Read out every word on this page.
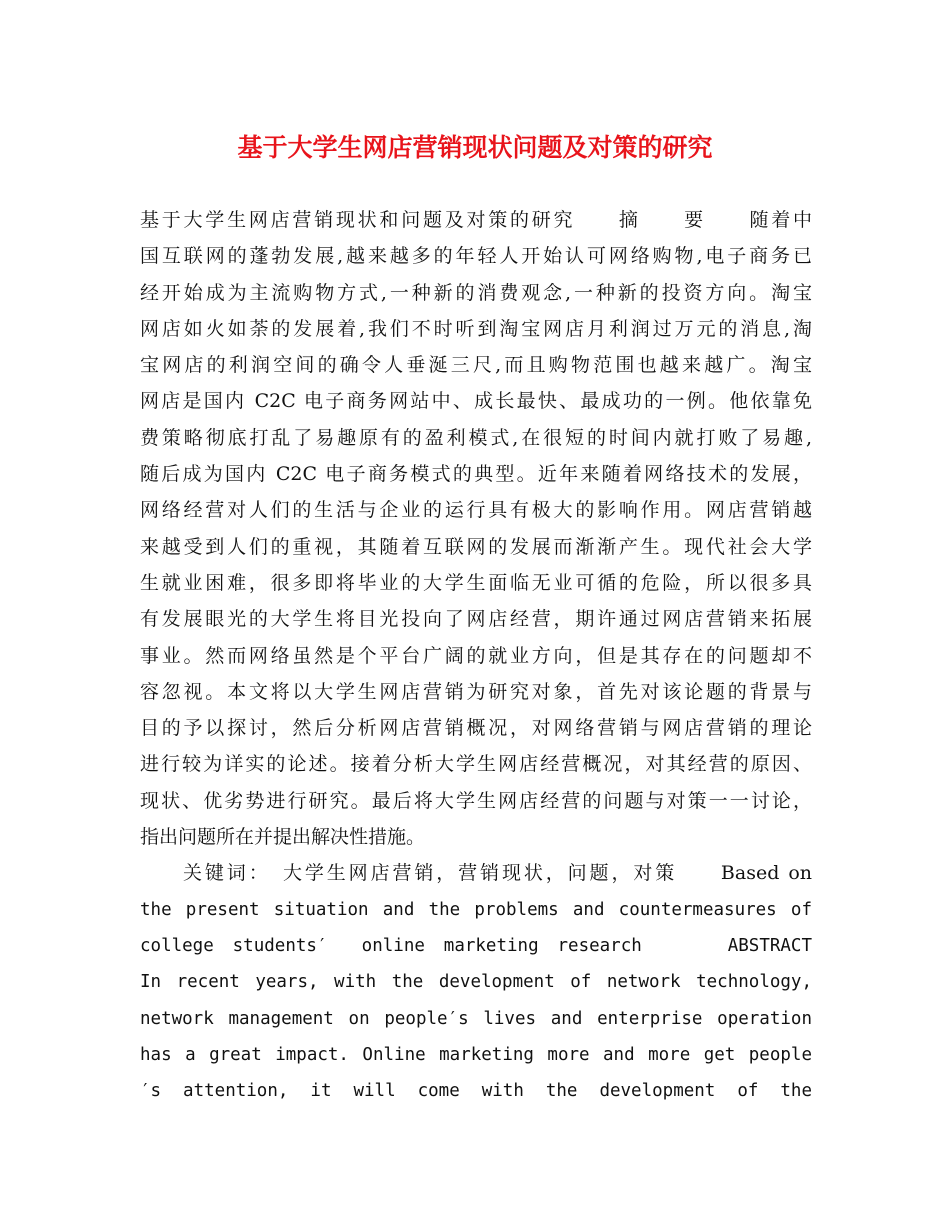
基于大学生网店营销现状问题及对策的研究
基于大学生网店营销现状和问题及对策的研究　　摘　　要　　随着中
国互联网的蓬勃发展,越来越多的年轻人开始认可网络购物,电子商务已
经开始成为主流购物方式,一种新的消费观念,一种新的投资方向。淘宝
网店如火如荼的发展着,我们不时听到淘宝网店月利润过万元的消息,淘
宝网店的利润空间的确令人垂涎三尺,而且购物范围也越来越广。淘宝
网店是国内 C2C 电子商务网站中、成长最快、最成功的一例。他依靠免
费策略彻底打乱了易趣原有的盈利模式,在很短的时间内就打败了易趣,
随后成为国内 C2C 电子商务模式的典型。近年来随着网络技术的发展，
网络经营对人们的生活与企业的运行具有极大的影响作用。网店营销越
来越受到人们的重视，其随着互联网的发展而渐渐产生。现代社会大学
生就业困难，很多即将毕业的大学生面临无业可循的危险，所以很多具
有发展眼光的大学生将目光投向了网店经营，期许通过网店营销来拓展
事业。然而网络虽然是个平台广阔的就业方向，但是其存在的问题却不
容忽视。本文将以大学生网店营销为研究对象，首先对该论题的背景与
目的予以探讨，然后分析网店营销概况，对网络营销与网店营销的理论
进行较为详实的论述。接着分析大学生网店经营概况，对其经营的原因、
现状、优劣势进行研究。最后将大学生网店经营的问题与对策一一讨论，
指出问题所在并提出解决性措施。
关键词：　大学生网店营销，营销现状，问题，对策　　Based on
the present situation and the problems and countermeasures of
college students′　online marketing research　　　ABSTRACT
In recent years, with the development of network technology,
network management on people′s lives and enterprise operation
has a great impact. Online marketing more and more get people
′s attention, it will come with the development of the
